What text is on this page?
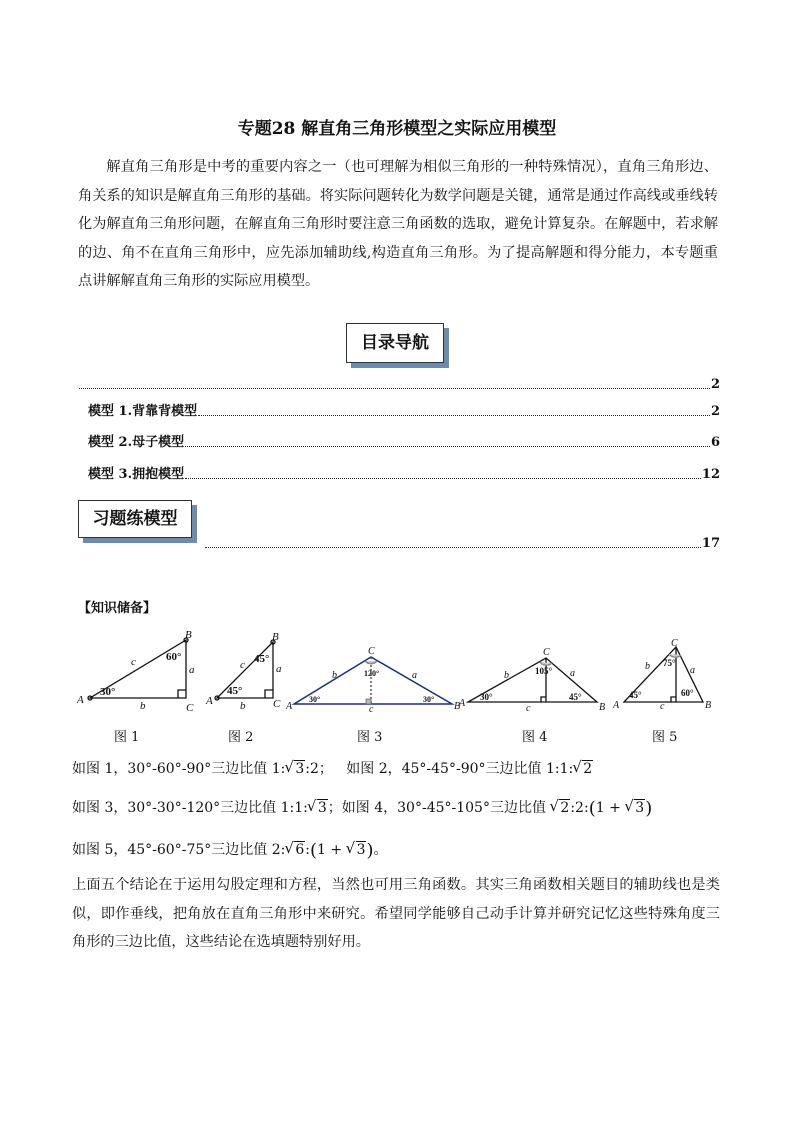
专题28 解直角三角形模型之实际应用模型

解直角三角形是中考的重要内容之一（也可理解为相似三角形的一种特殊情况），直角三角形边、角关系的知识是解直角三角形的基础。将实际问题转化为数学问题是关键，通常是通过作高线或垂线转化为解直角三角形问题，在解直角三角形时要注意三角函数的选取，避免计算复杂。在解题中，若求解的边、角不在直角三角形中，应先添加辅助线,构造直角三角形。为了提高解题和得分能力，本专题重点讲解解直角三角形的实际应用模型。

目录导航
2
模型 1.背靠背模型	2
模型 2.母子模型	6
模型 3.拥抱模型	12
习题练模型
17
【知识储备】
B
A
C
c
a
b
30°
60°
B
A	C
c	a
b
45°
45°
C
A	B
b	a
c
30°	30°
120°
C
A	B
b	a
c
30°	45°
105°
C
A	B
b	a
c
45°	60°
75°
图 1	图 2	图 3	图 4	图 5
如图 1，30°-60°-90°三边比值 1: √ 3:2； 如图 2，45°-45°-90°三边比值 1:1: √ 2
如图 3，30°-30°-120°三边比值 1:1: √ 3；如图 4，30°-45°-105°三边比值 √ 2:2:(1 + √ 3)
如图 5，45°-60°-75°三边比值 2: √ 6:(1 + √ 3)。
上面五个结论在于运用勾股定理和方程，当然也可用三角函数。其实三角函数相关题目的辅助线也是类似，即作垂线，把角放在直角三角形中来研究。希望同学能够自己动手计算并研究记忆这些特殊角度三角形的三边比值，这些结论在选填题特别好用。
